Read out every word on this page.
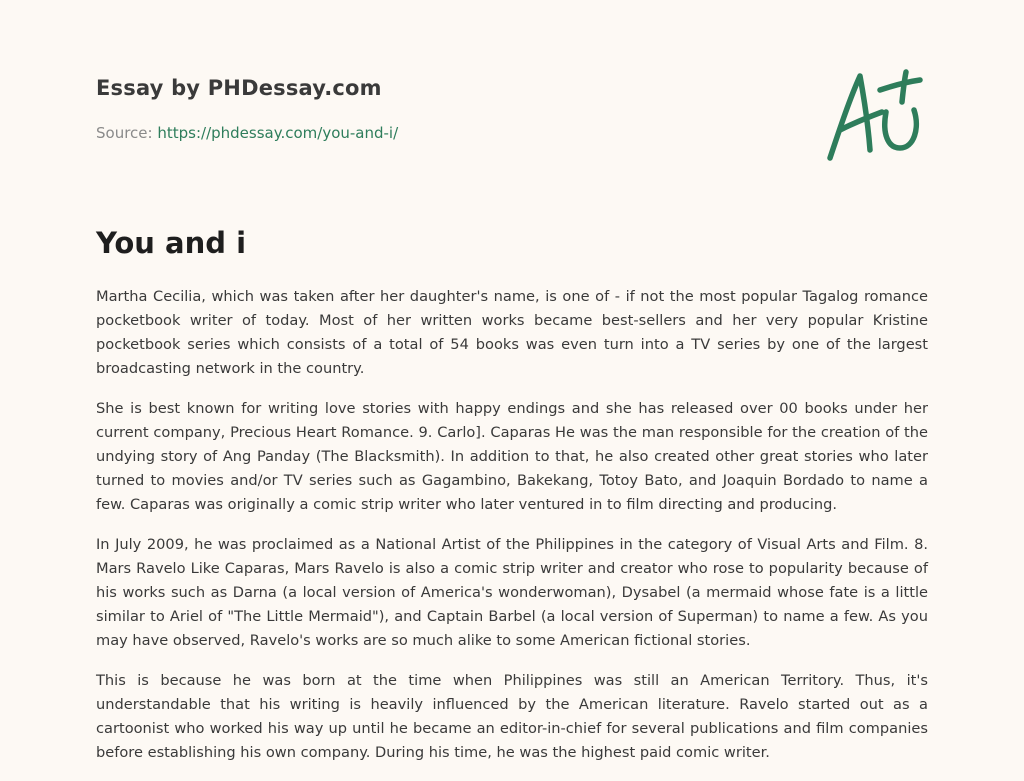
Essay by PHDessay.com
Source: https://phdessay.com/you-and-i/
You and i

Martha Cecilia, which was taken after her daughter's name, is one of - if not the most popular Tagalog romance pocketbook writer of today. Most of her written works became best-sellers and her very popular Kristine pocketbook series which consists of a total of 54 books was even turn into a TV series by one of the largest broadcasting network in the country.

She is best known for writing love stories with happy endings and she has released over 00 books under her current company, Precious Heart Romance. 9. Carlo]. Caparas He was the man responsible for the creation of the undying story of Ang Panday (The Blacksmith). In addition to that, he also created other great stories who later turned to movies and/or TV series such as Gagambino, Bakekang, Totoy Bato, and Joaquin Bordado to name a few. Caparas was originally a comic strip writer who later ventured in to film directing and producing.

In July 2009, he was proclaimed as a National Artist of the Philippines in the category of Visual Arts and Film. 8. Mars Ravelo Like Caparas, Mars Ravelo is also a comic strip writer and creator who rose to popularity because of his works such as Darna (a local version of America's wonderwoman), Dysabel (a mermaid whose fate is a little similar to Ariel of "The Little Mermaid"), and Captain Barbel (a local version of Superman) to name a few. As you may have observed, Ravelo's works are so much alike to some American fictional stories.

This is because he was born at the time when Philippines was still an American Territory. Thus, it's understandable that his writing is heavily influenced by the American literature. Ravelo started out as a cartoonist who worked his way up until he became an editor-in-chief for several publications and film companies before establishing his own company. During his time, he was the highest paid comic writer.
